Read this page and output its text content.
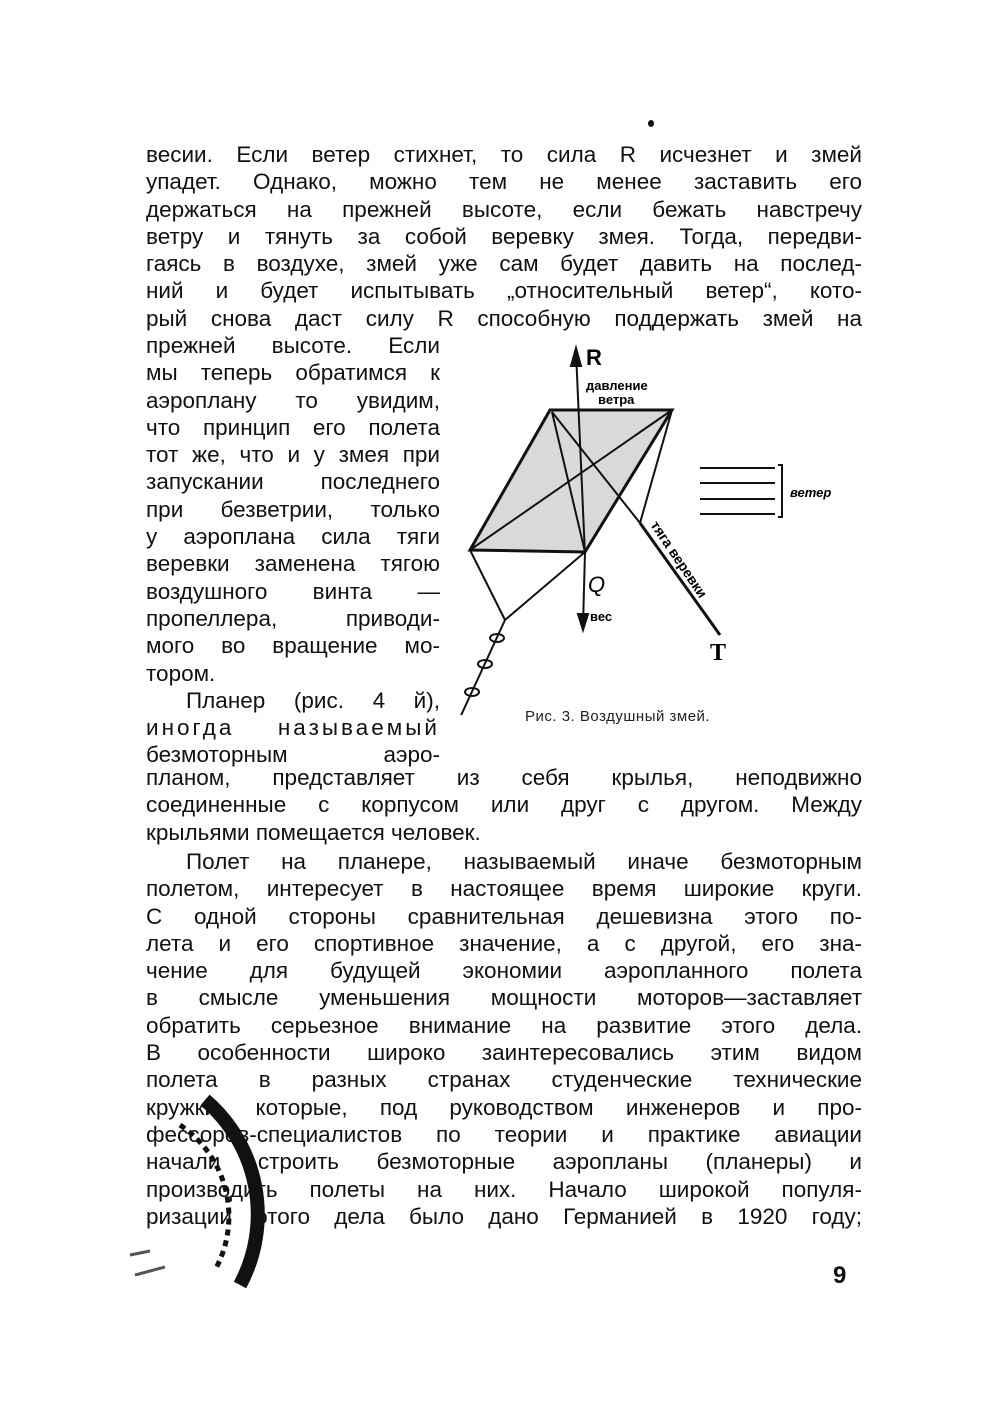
весии. Если ветер стихнет, то сила R исчезнет и змей
упадет. Однако, можно тем не менее заставить его
держаться на прежней высоте, если бежать навстречу
ветру и тянуть за собой веревку змея. Тогда, передви-
гаясь в воздухе, змей уже сам будет давить на послед-
ний и будет испытывать „относительный ветер“, кото-
рый снова даст силу R способную поддержать змей на
прежней высоте. Если
мы теперь обратимся к
аэроплану то увидим,
что принцип его полета
тот же, что и у змея при
запускании последнего
при безветрии, только
у аэроплана сила тяги
веревки заменена тягою
воздушного винта —
пропеллера, приводи-
мого во вращение мо-
тором.
Планер (рис. 4 й),
иногда называемый
безмоторным аэро-
планом, представляет из себя крылья, неподвижно
соединенные с корпусом или друг с другом. Между
крыльями помещается человек.
Полет на планере, называемый иначе безмоторным
полетом, интересует в настоящее время широкие круги.
С одной стороны сравнительная дешевизна этого по-
лета и его спортивное значение, а с другой, его зна-
чение для будущей экономии аэропланного полета
в смысле уменьшения мощности моторов—заставляет
обратить серьезное внимание на развитие этого дела.
В особенности широко заинтересовались этим видом
полета в разных странах студенческие технические
кружки, которые, под руководством инженеров и про-
фессоров-специалистов по теории и практике авиации
начали строить безмоторные аэропланы (планеры) и
производить полеты на них. Начало широкой популя-
ризации этого дела было дано Германией в 1920 году;
R
давление
ветра
Q
вес
ветер
тяга веревки
T
Рис. 3. Воздушный змей.
9
